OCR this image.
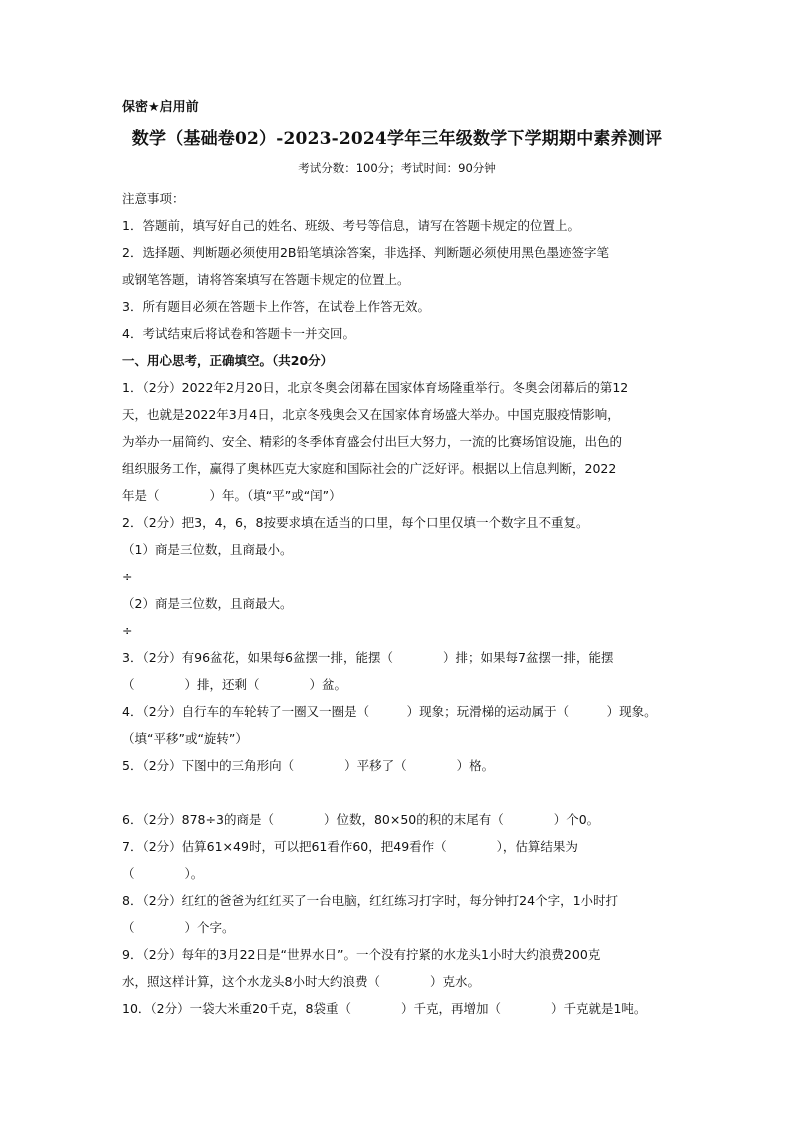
保密★启用前
数学（基础卷02）-2023-2024学年三年级数学下学期期中素养测评
考试分数：100分；考试时间：90分钟
注意事项：
1．答题前，填写好自己的姓名、班级、考号等信息，请写在答题卡规定的位置上。
2．选择题、判断题必须使用2B铅笔填涂答案，非选择、判断题必须使用黑色墨迹签字笔
或钢笔答题，请将答案填写在答题卡规定的位置上。
3．所有题目必须在答题卡上作答，在试卷上作答无效。
4．考试结束后将试卷和答题卡一并交回。
一、用心思考，正确填空。（共20分）
1．（2分）2022年2月20日，北京冬奥会闭幕在国家体育场隆重举行。冬奥会闭幕后的第12
天，也就是2022年3月4日，北京冬残奥会又在国家体育场盛大举办。中国克服疫情影响，
为举办一届简约、安全、精彩的冬季体育盛会付出巨大努力，一流的比赛场馆设施，出色的
组织服务工作，赢得了奥林匹克大家庭和国际社会的广泛好评。根据以上信息判断，2022
年是（　　　　）年。（填“平”或“闰”）
2．（2分）把3，4，6，8按要求填在适当的口里，每个口里仅填一个数字且不重复。
（1）商是三位数，且商最小。
÷
（2）商是三位数，且商最大。
÷
3．（2分）有96盆花，如果每6盆摆一排，能摆（　　　　）排；如果每7盆摆一排，能摆
（　　　　）排，还剩（　　　　）盆。
4．（2分）自行车的车轮转了一圈又一圈是（　　　）现象；玩滑梯的运动属于（　　　）现象。
（填“平移”或“旋转”）
5．（2分）下图中的三角形向（　　　　）平移了（　　　　）格。
6．（2分）878÷3的商是（　　　　）位数，80×50的积的末尾有（　　　　）个0。
7．（2分）估算61×49时，可以把61看作60，把49看作（　　　　），估算结果为
（　　　　）。
8．（2分）红红的爸爸为红红买了一台电脑，红红练习打字时，每分钟打24个字，1小时打
（　　　　）个字。
9．（2分）每年的3月22日是“世界水日”。一个没有拧紧的水龙头1小时大约浪费200克
水，照这样计算，这个水龙头8小时大约浪费（　　　　）克水。
10．（2分）一袋大米重20千克，8袋重（　　　　）千克，再增加（　　　　）千克就是1吨。
